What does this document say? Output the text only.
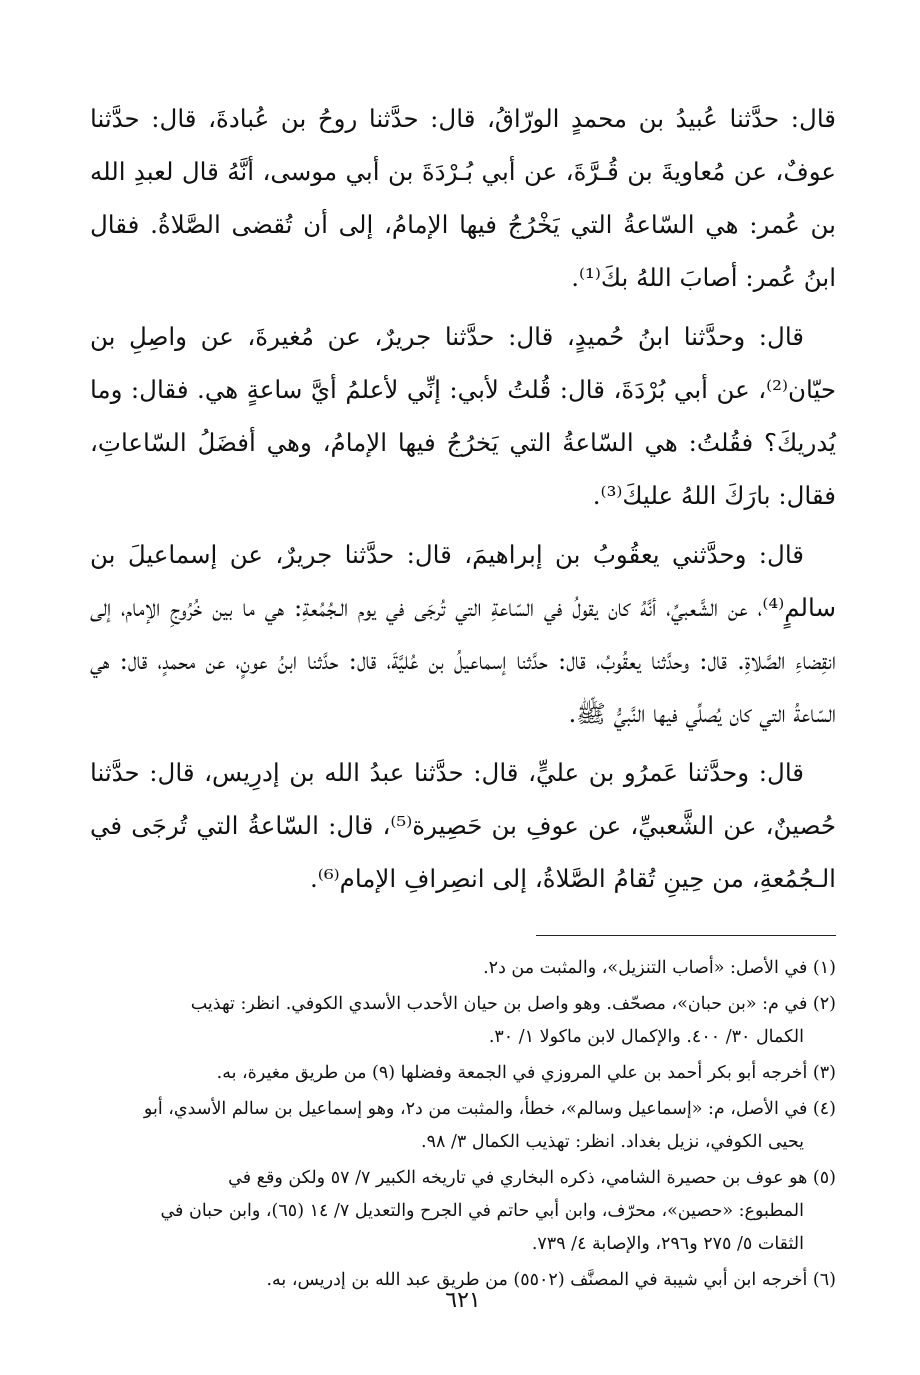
قال: حدَّثنا عُبيدُ بن محمدٍ الورّاقُ، قال: حدَّثنا روحُ بن عُبادةَ، قال: حدَّثنا عوفٌ، عن مُعاويةَ بن قُـرَّةَ، عن أبي بُـرْدَةَ بن أبي موسى، أنَّهُ قال لعبدِ الله بن عُمر: هي السّاعةُ التي يَخْرُجُ فيها الإمامُ، إلى أن تُقضى الصَّلاةُ. فقال ابنُ عُمر: أصابَ اللهُ بكَ⁽¹⁾.

قال: وحدَّثنا ابنُ حُميدٍ، قال: حدَّثنا جريرٌ، عن مُغيرةَ، عن واصِلِ بن حيّان⁽²⁾، عن أبي بُرْدَةَ، قال: قُلتُ لأبي: إنِّي لأعلمُ أيَّ ساعةٍ هي. فقال: وما يُدريكَ؟ فقُلتُ: هي السّاعةُ التي يَخرُجُ فيها الإمامُ، وهي أفضَلُ السّاعاتِ، فقال: بارَكَ اللهُ عليكَ⁽³⁾.

قال: وحدَّثني يعقُوبُ بن إبراهيمَ، قال: حدَّثنا جريرٌ، عن إسماعيلَ بن سالمٍ⁽⁴⁾، عن الشَّعبيِّ، أنَّهُ كان يقولُ في السّاعةِ التي تُرجَى في يوم الـجُمُعةِ: هي ما بين خُرُوجِ الإمام، إلى انقِضاءِ الصَّلاةِ. قال: وحدَّثنا يعقُوبُ، قال: حدَّثنا إسماعيلُ بن عُليَّةَ، قال: حدَّثنا ابنُ عونٍ، عن محمدٍ، قال: هي السّاعةُ التي كان يُصلِّي فيها النَّبيُّ ﷺ.

قال: وحدَّثنا عَمرُو بن عليٍّ، قال: حدَّثنا عبدُ الله بن إدرِيس، قال: حدَّثنا حُصينٌ، عن الشَّعبيِّ، عن عوفِ بن حَصِيرة⁽⁵⁾، قال: السّاعةُ التي تُرجَى في الـجُمُعةِ، من حِينِ تُقامُ الصَّلاةُ، إلى انصِرافِ الإمام⁽⁶⁾.

(١) في الأصل: «أصاب التنزيل»، والمثبت من د٢.
(٢) في م: «بن حبان»، مصحّف. وهو واصل بن حيان الأحدب الأسدي الكوفي. انظر: تهذيب
الكمال ٣٠/ ٤٠٠. والإكمال لابن ماكولا ١/ ٣٠.
(٣) أخرجه أبو بكر أحمد بن علي المروزي في الجمعة وفضلها (٩) من طريق مغيرة، به.
(٤) في الأصل، م: «إسماعيل وسالم»، خطأ، والمثبت من د٢، وهو إسماعيل بن سالم الأسدي، أبو
يحيى الكوفي، نزيل بغداد. انظر: تهذيب الكمال ٣/ ٩٨.
(٥) هو عوف بن حصيرة الشامي، ذكره البخاري في تاريخه الكبير ٧/ ٥٧ ولكن وقع في
المطبوع: «حصين»، محرّف، وابن أبي حاتم في الجرح والتعديل ٧/ ١٤ (٦٥)، وابن حبان في
الثقات ٥/ ٢٧٥ و٢٩٦، والإصابة ٤/ ٧٣٩.
(٦) أخرجه ابن أبي شيبة في المصنَّف (٥٥٠٢) من طريق عبد الله بن إدريس، به.
٦٢١
